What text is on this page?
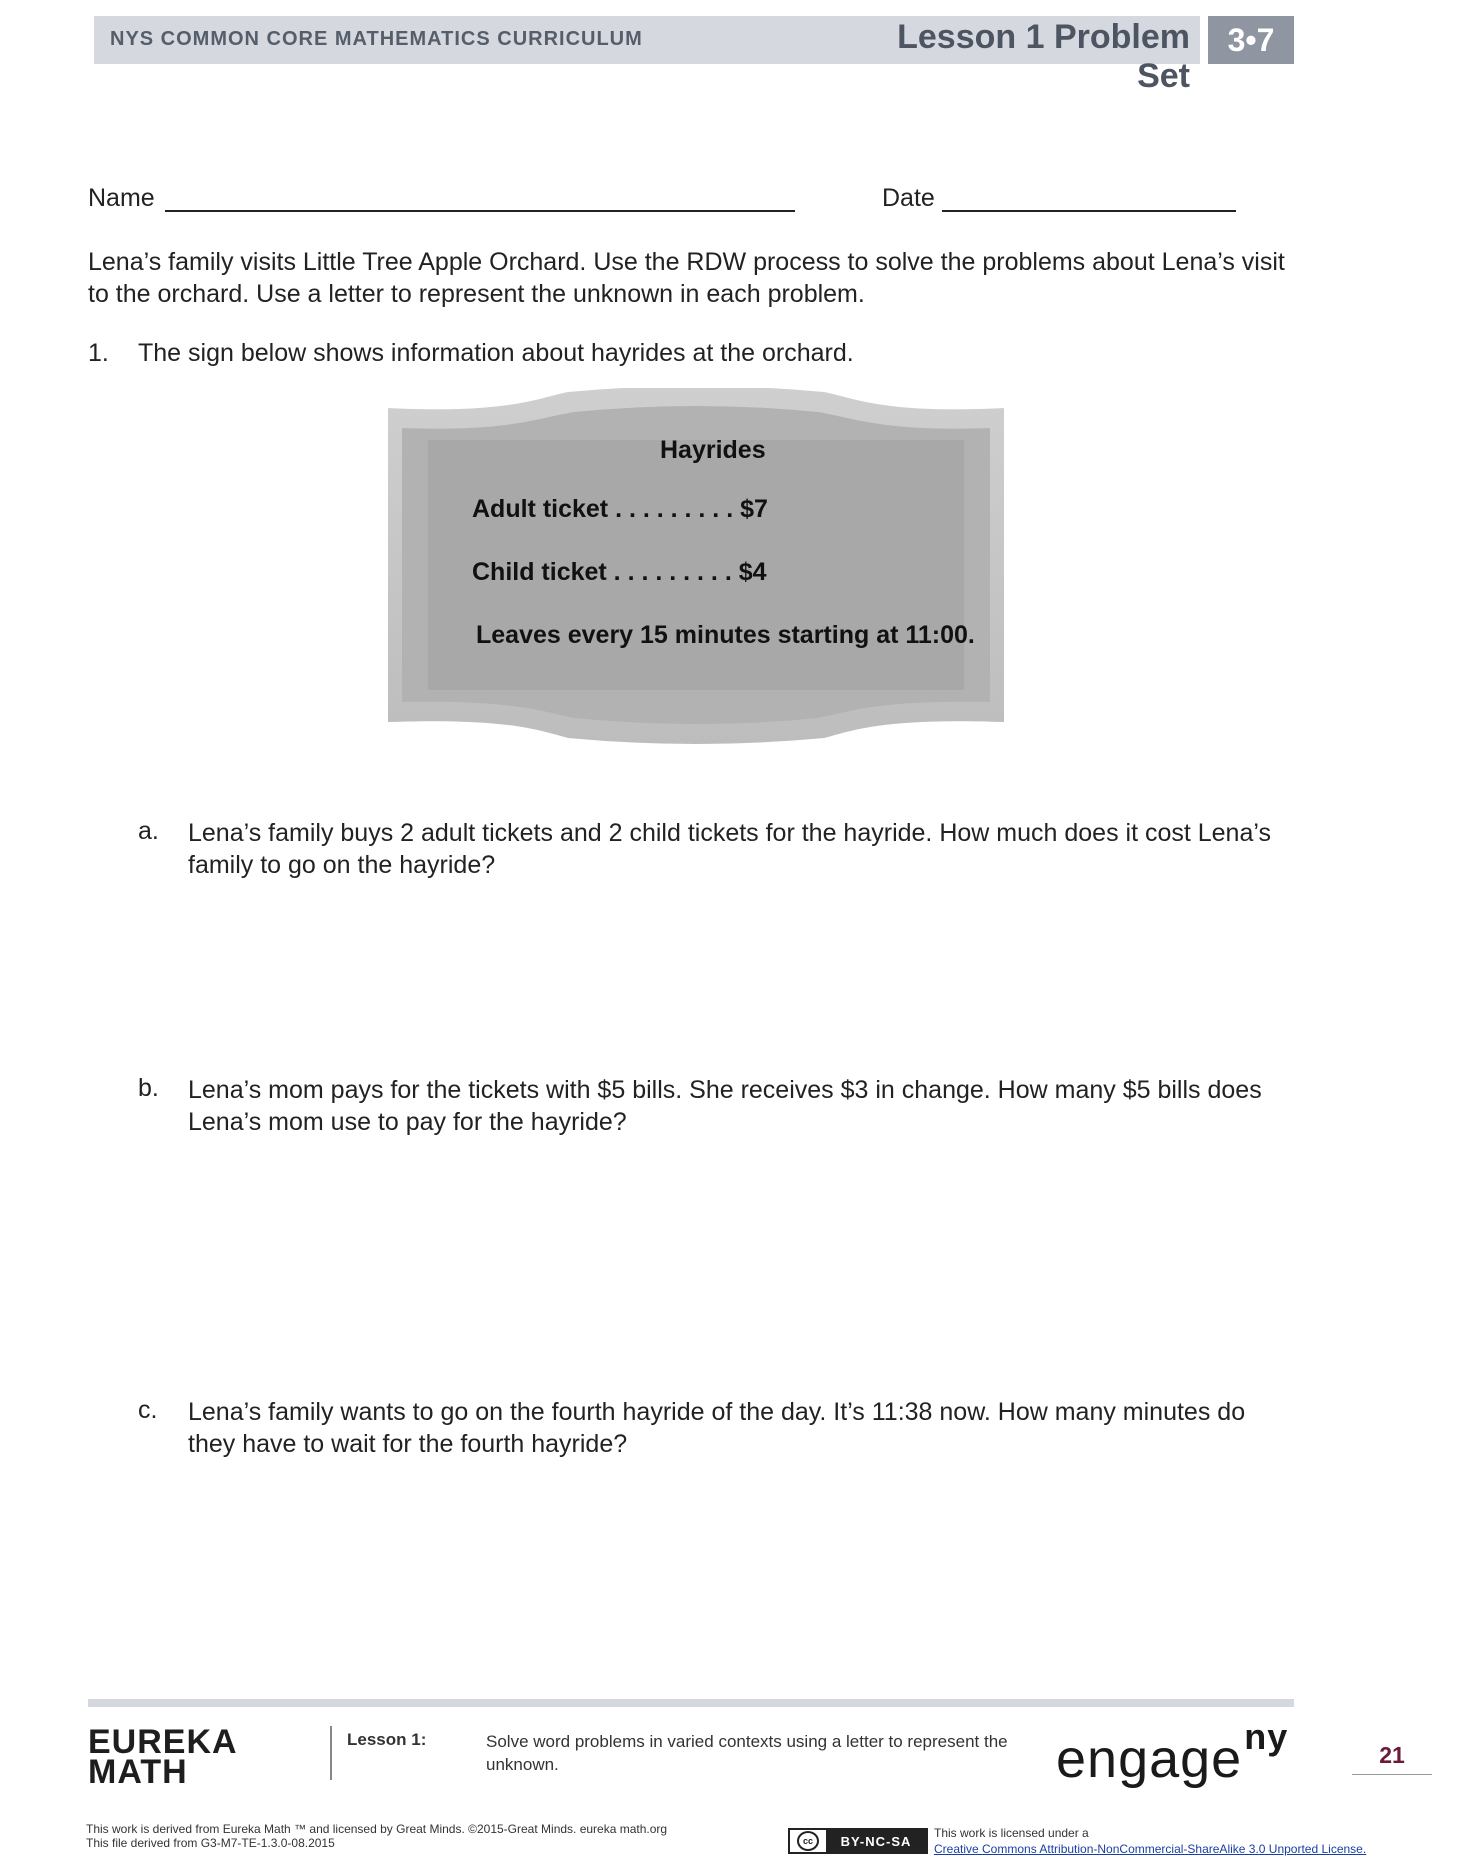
NYS COMMON CORE MATHEMATICS CURRICULUM	Lesson 1 Problem Set
3•7
Name	Date
Lena’s family visits Little Tree Apple Orchard. Use the RDW process to solve the problems about Lena’s visit to the orchard. Use a letter to represent the unknown in each problem.
1. The sign below shows information about hayrides at the orchard.
Hayrides
Adult ticket . . . . . . . . . $7
Child ticket . . . . . . . . . $4
Leaves every 15 minutes starting at 11:00.
a. Lena’s family buys 2 adult tickets and 2 child tickets for the hayride. How much does it cost Lena’s family to go on the hayride?
b. Lena’s mom pays for the tickets with $5 bills. She receives $3 in change. How many $5 bills does Lena’s mom use to pay for the hayride?
c. Lena’s family wants to go on the fourth hayride of the day. It’s 11:38 now. How many minutes do they have to wait for the fourth hayride?
EUREKA
MATH
Lesson 1:	Solve word problems in varied contexts using a letter to represent the unknown.	engage$^{ny}$	21
This work is derived from Eureka Math ™ and licensed by Great Minds. ©2015-Great Minds. eureka math.org
This file derived from G3-M7-TE-1.3.0-08.2015	cc	BY-NC-SA
This work is licensed under a
Creative Commons Attribution-NonCommercial-ShareAlike 3.0 Unported License.
